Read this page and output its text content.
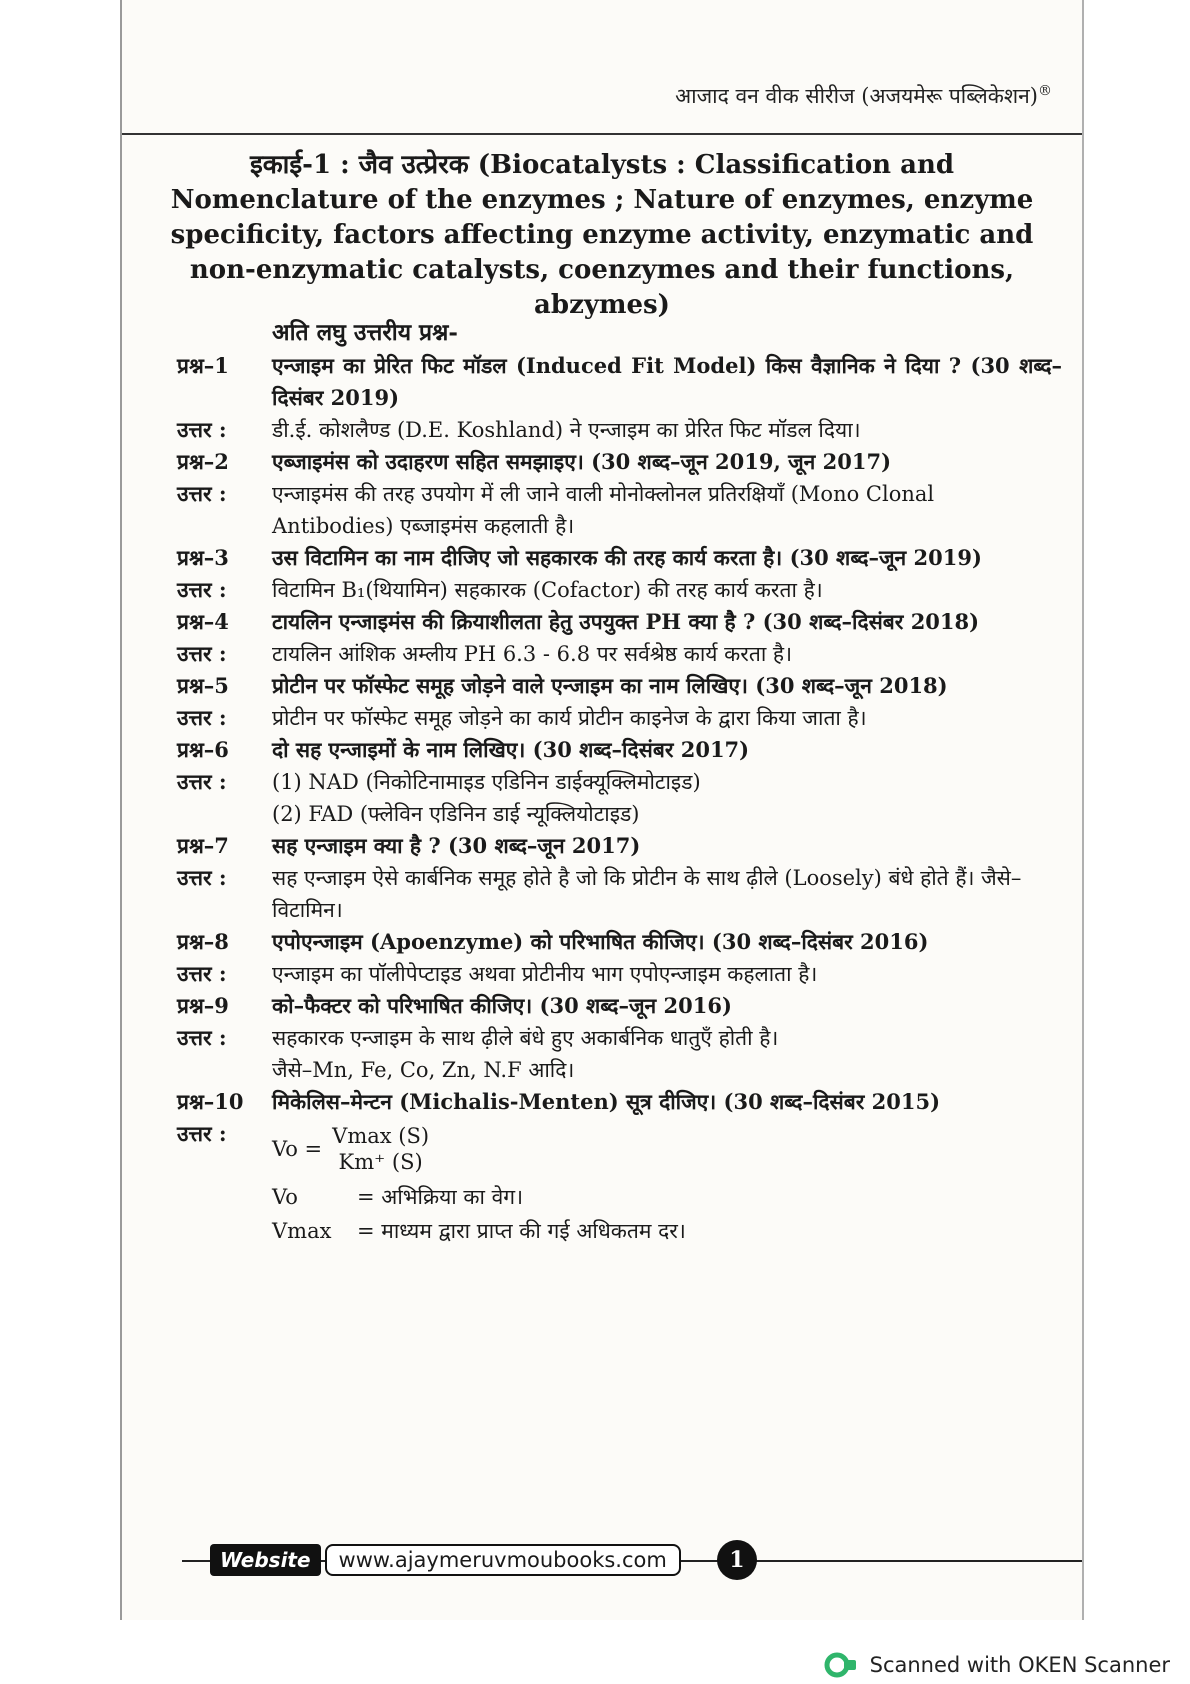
आजाद वन वीक सीरीज (अजयमेरू पब्लिकेशन)®
इकाई-1 : जैव उत्प्रेरक (Biocatalysts : Classification and Nomenclature of the enzymes ; Nature of enzymes, enzyme specificity, factors affecting enzyme activity, enzymatic and non-enzymatic catalysts, coenzymes and their functions, abzymes)
अति लघु उत्तरीय प्रश्न-
प्रश्न–1	एन्जाइम का प्रेरित फिट मॉडल (Induced Fit Model) किस वैज्ञानिक ने दिया ? (30 शब्द–दिसंबर 2019)
उत्तर :	डी.ई. कोशलैण्ड (D.E. Koshland) ने एन्जाइम का प्रेरित फिट मॉडल दिया।
प्रश्न–2	एब्जाइमंस को उदाहरण सहित समझाइए। (30 शब्द–जून 2019, जून 2017)
उत्तर :	एन्जाइमंस की तरह उपयोग में ली जाने वाली मोनोक्लोनल प्रतिरक्षियाँ (Mono Clonal Antibodies) एब्जाइमंस कहलाती है।
प्रश्न–3	उस विटामिन का नाम दीजिए जो सहकारक की तरह कार्य करता है। (30 शब्द–जून 2019)
उत्तर :	विटामिन B₁(थियामिन) सहकारक (Cofactor) की तरह कार्य करता है।
प्रश्न–4	टायलिन एन्जाइमंस की क्रियाशीलता हेतु उपयुक्त PH क्या है ? (30 शब्द–दिसंबर 2018)
उत्तर :	टायलिन आंशिक अम्लीय PH 6.3 - 6.8 पर सर्वश्रेष्ठ कार्य करता है।
प्रश्न–5	प्रोटीन पर फॉस्फेट समूह जोड़ने वाले एन्जाइम का नाम लिखिए। (30 शब्द–जून 2018)
उत्तर :	प्रोटीन पर फॉस्फेट समूह जोड़ने का कार्य प्रोटीन काइनेज के द्वारा किया जाता है।
प्रश्न–6	दो सह एन्जाइमों के नाम लिखिए। (30 शब्द–दिसंबर 2017)
उत्तर :	(1) NAD (निकोटिनामाइड एडिनिन डाईक्यूक्लिमोटाइड)
(2) FAD (फ्लेविन एडिनिन डाई न्यूक्लियोटाइड)
प्रश्न–7	सह एन्जाइम क्या है ? (30 शब्द–जून 2017)
उत्तर :	सह एन्जाइम ऐसे कार्बनिक समूह होते है जो कि प्रोटीन के साथ ढ़ीले (Loosely) बंधे होते हैं। जैसे–विटामिन।
प्रश्न–8	एपोएन्जाइम (Apoenzyme) को परिभाषित कीजिए। (30 शब्द–दिसंबर 2016)
उत्तर :	एन्जाइम का पॉलीपेप्टाइड अथवा प्रोटीनीय भाग एपोएन्जाइम कहलाता है।
प्रश्न–9	को–फैक्टर को परिभाषित कीजिए। (30 शब्द–जून 2016)
उत्तर :	सहकारक एन्जाइम के साथ ढ़ीले बंधे हुए अकार्बनिक धातुएँ होती है।
जैसे–Mn, Fe, Co, Zn, N.F आदि।
प्रश्न–10	मिकेलिस–मेन्टन (Michalis-Menten) सूत्र दीजिए। (30 शब्द–दिसंबर 2015)
उत्तर :
Vo =
Vmax (S)
Km⁺ (S)
Vo	= अभिक्रिया का वेग।
Vmax	= माध्यम द्वारा प्राप्त की गई अधिकतम दर।
Website	www.ajaymeruvmoubooks.com	1
Scanned with OKEN Scanner
